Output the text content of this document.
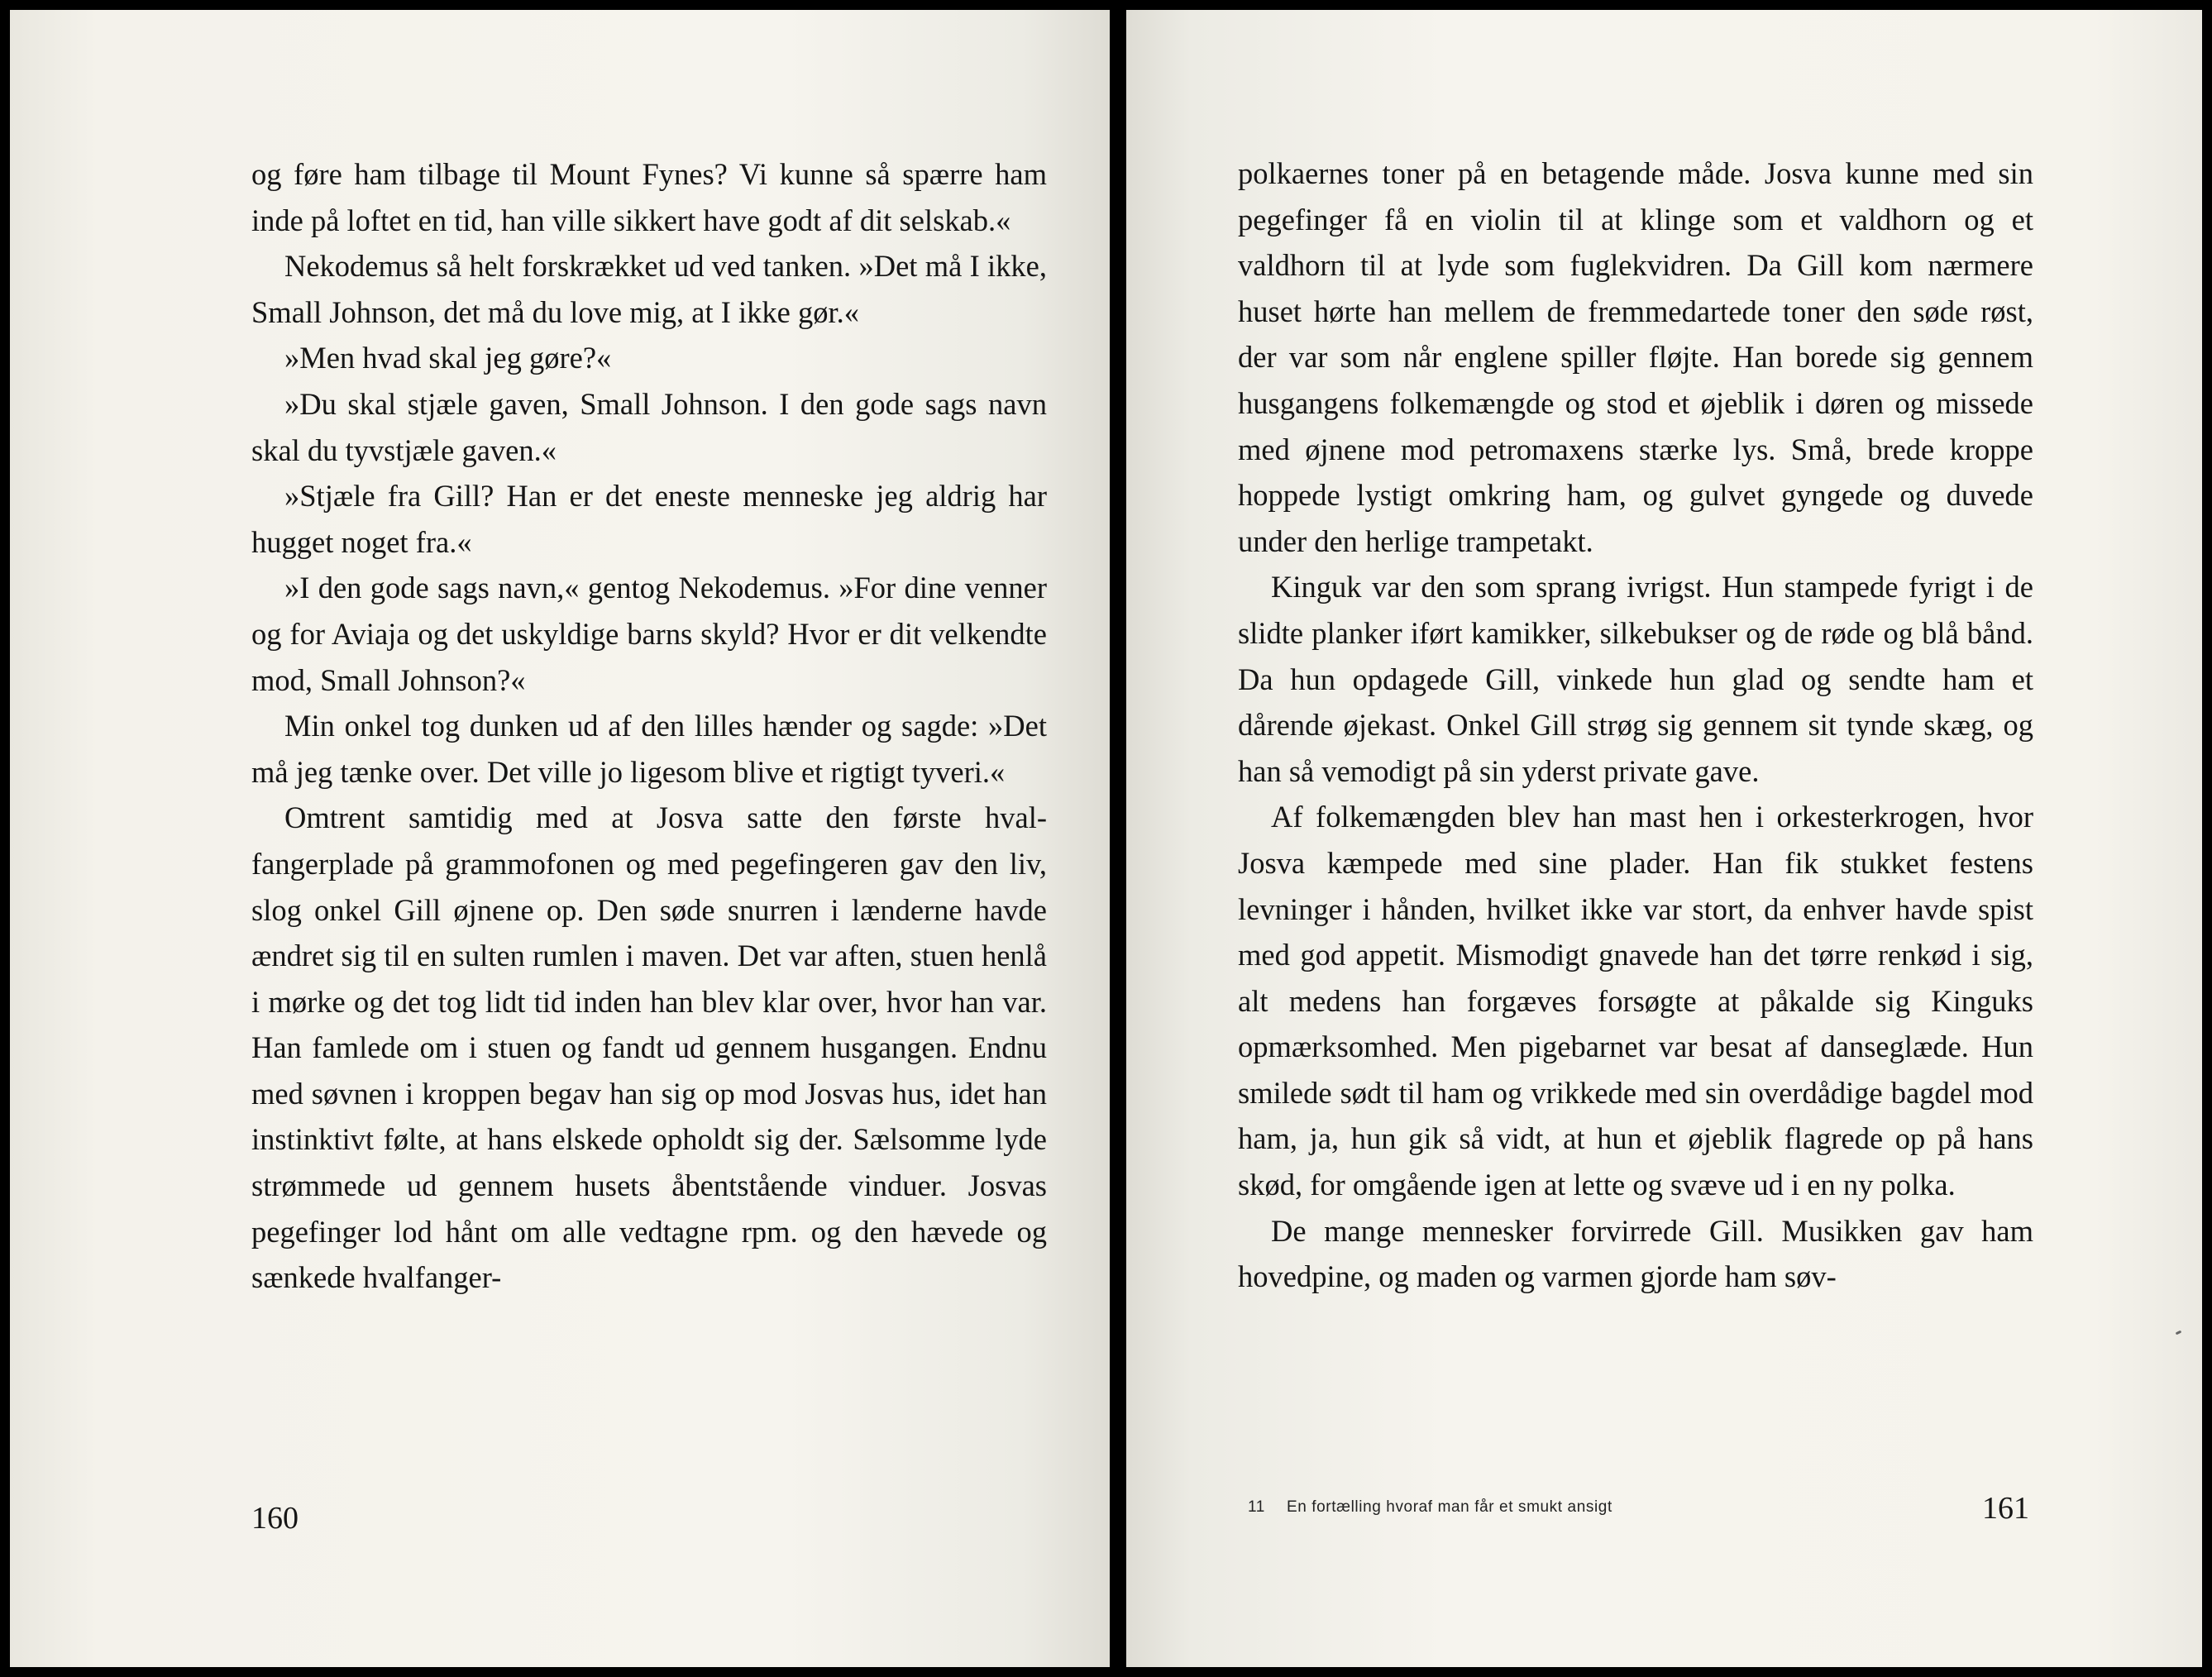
og føre ham tilbage til Mount Fynes? Vi kunne så spærre ham inde på loftet en tid, han ville sikkert have godt af dit selskab.«

Nekodemus så helt forskrækket ud ved tanken. »Det må I ikke, Small Johnson, det må du love mig, at I ikke gør.«

»Men hvad skal jeg gøre?«

»Du skal stjæle gaven, Small Johnson. I den gode sags navn skal du tyvstjæle gaven.«

»Stjæle fra Gill? Han er det eneste menneske jeg aldrig har hugget noget fra.«

»I den gode sags navn,« gentog Nekodemus. »For dine venner og for Aviaja og det uskyldige barns skyld? Hvor er dit velkendte mod, Small Johnson?«

Min onkel tog dunken ud af den lilles hænder og sagde: »Det må jeg tænke over. Det ville jo ligesom blive et rigtigt tyveri.«

Omtrent samtidig med at Josva satte den første hvalfangerplade på grammofonen og med pegefingeren gav den liv, slog onkel Gill øjnene op. Den søde snurren i lænderne havde ændret sig til en sulten rumlen i maven. Det var aften, stuen henlå i mørke og det tog lidt tid inden han blev klar over, hvor han var. Han famlede om i stuen og fandt ud gennem husgangen. Endnu med søvnen i kroppen begav han sig op mod Josvas hus, idet han instinktivt følte, at hans elskede opholdt sig der. Sælsomme lyde strømmede ud gennem husets åbentstående vinduer. Josvas pegefinger lod hånt om alle vedtagne rpm. og den hævede og sænkede hvalfanger-

160

polkaernes toner på en betagende måde. Josva kunne med sin pegefinger få en violin til at klinge som et valdhorn og et valdhorn til at lyde som fuglekvidren. Da Gill kom nærmere huset hørte han mellem de fremmedartede toner den søde røst, der var som når englene spiller fløjte. Han borede sig gennem husgangens folkemængde og stod et øjeblik i døren og missede med øjnene mod petromaxens stærke lys. Små, brede kroppe hoppede lystigt omkring ham, og gulvet gyngede og duvede under den herlige trampetakt.

Kinguk var den som sprang ivrigst. Hun stampede fyrigt i de slidte planker iført kamikker, silkebukser og de røde og blå bånd. Da hun opdagede Gill, vinkede hun glad og sendte ham et dårende øjekast. Onkel Gill strøg sig gennem sit tynde skæg, og han så vemodigt på sin yderst private gave.

Af folkemængden blev han mast hen i orkesterkrogen, hvor Josva kæmpede med sine plader. Han fik stukket festens levninger i hånden, hvilket ikke var stort, da enhver havde spist med god appetit. Mismodigt gnavede han det tørre renkød i sig, alt medens han forgæves forsøgte at påkalde sig Kinguks opmærksomhed. Men pigebarnet var besat af danseglæde. Hun smilede sødt til ham og vrikkede med sin overdådige bagdel mod ham, ja, hun gik så vidt, at hun et øjeblik flagrede op på hans skød, for omgående igen at lette og svæve ud i en ny polka.

De mange mennesker forvirrede Gill. Musikken gav ham hovedpine, og maden og varmen gjorde ham søv-

11 En fortælling hvoraf man får et smukt ansigt	161
